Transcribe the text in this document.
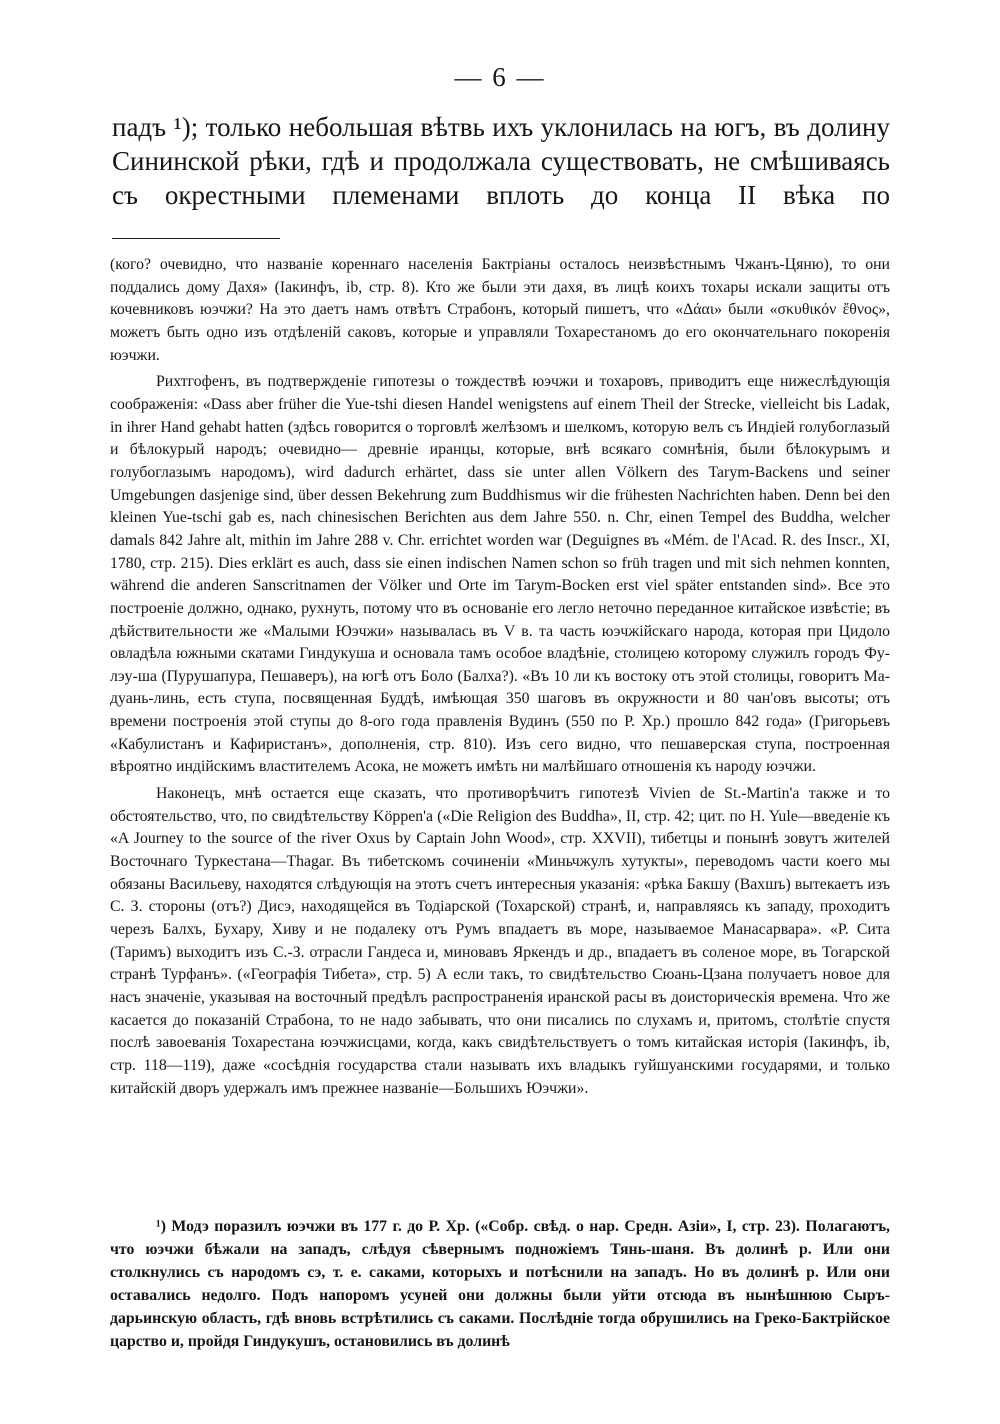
— 6 —

падъ ¹); только небольшая вѣтвь ихъ уклонилась на югъ, въ долину Сининской рѣки, гдѣ и продолжала существовать, не смѣшиваясь съ окрестными племенами вплоть до конца II вѣка по

(кого? очевидно, что названіе кореннаго населенія Бактріаны осталось неизвѣстнымъ Чжанъ-Цяню), то они поддались дому Дахя» (Іакинфъ, ib, стр. 8). Кто же были эти дахя, въ лицѣ коихъ тохары искали защиты отъ кочевниковъ юэчжи? На это даетъ намъ отвѣтъ Страбонъ, который пишетъ, что «Δάαι» были «σκυθικόν ἔθνος», можетъ быть одно изъ отдѣленій саковъ, которые и управляли Тохарестаномъ до его окончательнаго покоренія юэчжи.

Рихтгофенъ, въ подтвержденіе гипотезы о тождествѣ юэчжи и тохаровъ, приводитъ еще нижеслѣдующія соображенія: «Dass aber früher die Yue-tshi diesen Handel wenigstens auf einem Theil der Strecke, vielleicht bis Ladak, in ihrer Hand gehabt hatten (здѣсь говорится о торговлѣ желѣзомъ и шелкомъ, которую велъ съ Индіей голубоглазый и бѣлокурый народъ; очевидно— древніе иранцы, которые, внѣ всякаго сомнѣнія, были бѣлокурымъ и голубоглазымъ народомъ), wird dadurch erhärtet, dass sie unter allen Völkern des Tarym-Backens und seiner Umgebungen dasjenige sind, über dessen Bekehrung zum Buddhismus wir die frühesten Nachrichten haben. Denn bei den kleinen Yue-tschi gab es, nach chinesischen Berichten aus dem Jahre 550. n. Chr, einen Tempel des Buddha, welcher damals 842 Jahre alt, mithin im Jahre 288 v. Chr. errichtet worden war (Deguignes въ «Mém. de l'Acad. R. des Inscr., XI, 1780, стр. 215). Dies erklärt es auch, dass sie einen indischen Namen schon so früh tragen und mit sich nehmen konnten, während die anderen Sanscritnamen der Völker und Orte im Tarym-Bocken erst viel später entstanden sind». Все это построеніе должно, однако, рухнуть, потому что въ основаніе его легло неточно переданное китайское извѣстіе; въ дѣйствительности же «Малыми Юэчжи» называлась въ V в. та часть юэчжійскаго народа, которая при Цидоло овладѣла южными скатами Гиндукуша и основала тамъ особое владѣніе, столицею которому служилъ городъ Фу-лэу-ша (Пурушапура, Пешаверъ), на югѣ отъ Боло (Балха?). «Въ 10 ли къ востоку отъ этой столицы, говоритъ Ма-дуань-линь, есть ступа, посвященная Буддѣ, имѣющая 350 шаговъ въ окружности и 80 чан'овъ высоты; отъ времени построенія этой ступы до 8-ого года правленія Вудинъ (550 по Р. Хр.) прошло 842 года» (Григорьевъ «Кабулистанъ и Кафиристанъ», дополненія, стр. 810). Изъ сего видно, что пешаверская ступа, построенная вѣроятно индійскимъ властителемъ Асока, не можетъ имѣть ни малѣйшаго отношенія къ народу юэчжи.

Наконецъ, мнѣ остается еще сказать, что противорѣчитъ гипотезѣ Vivien de St.-Martin'a также и то обстоятельство, что, по свидѣтельству Köppen'a («Die Religion des Buddha», II, стр. 42; цит. по H. Yule—введеніе къ «A Journey to the source of the river Oxus by Captain John Wood», стр. XXVII), тибетцы и понынѣ зовутъ жителей Восточнаго Туркестана—Thagar. Въ тибетскомъ сочиненіи «Миньчжулъ хутукты», переводомъ части коего мы обязаны Васильеву, находятся слѣдующія на этотъ счетъ интересныя указанія: «рѣка Бакшу (Вахшъ) вытекаетъ изъ С. З. стороны (отъ?) Дисэ, находящейся въ Тодіарской (Тохарской) странѣ, и, направляясь къ западу, проходитъ черезъ Балхъ, Бухару, Хиву и не подалеку отъ Румъ впадаетъ въ море, называемое Манасарвара». «Р. Сита (Таримъ) выходитъ изъ С.-З. отрасли Гандеса и, миновавъ Яркендъ и др., впадаетъ въ соленое море, въ Тогарской странѣ Турфанъ». («Географія Тибета», стр. 5) А если такъ, то свидѣтельство Сюань-Цзана получаетъ новое для насъ значеніе, указывая на восточный предѣлъ распространенія иранской расы въ доисторическія времена. Что же касается до показаній Страбона, то не надо забывать, что они писались по слухамъ и, притомъ, столѣтіе спустя послѣ завоеванія Тохарестана юэчжисцами, когда, какъ свидѣтельствуетъ о томъ китайская исторія (Іакинфъ, ib, стр. 118—119), даже «сосѣднія государства стали называть ихъ владыкъ гуйшуанскими государями, и только китайскій дворъ удержалъ имъ прежнее названіе—Большихъ Юэчжи».

¹) Модэ поразилъ юэчжи въ 177 г. до Р. Хр. («Собр. свѣд. о нар. Средн. Азіи», I, стр. 23). Полагаютъ, что юэчжи бѣжали на западъ, слѣдуя сѣвернымъ подножіемъ Тянь-шаня. Въ долинѣ р. Или они столкнулись съ народомъ сэ, т. е. саками, которыхъ и потѣснили на западъ. Но въ долинѣ р. Или они оставались недолго. Подъ напоромъ усуней они должны были уйти отсюда въ нынѣшнюю Сыръ-дарьинскую область, гдѣ вновь встрѣтились съ саками. Послѣдніе тогда обрушились на Греко-Бактрійское царство и, пройдя Гиндукушъ, остановились въ долинѣ
